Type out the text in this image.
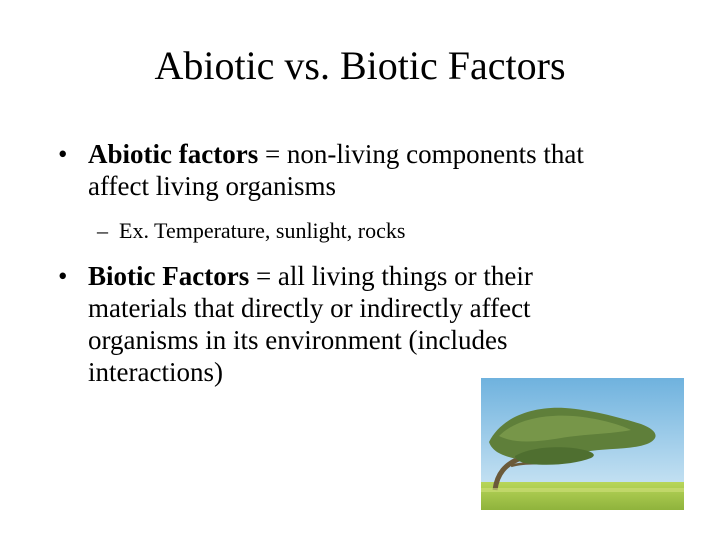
Abiotic vs. Biotic Factors
• Abiotic factors = non-living components that affect living organisms
– Ex. Temperature, sunlight, rocks
• Biotic Factors = all living things or their materials that directly or indirectly affect organisms in its environment (includes interactions)
